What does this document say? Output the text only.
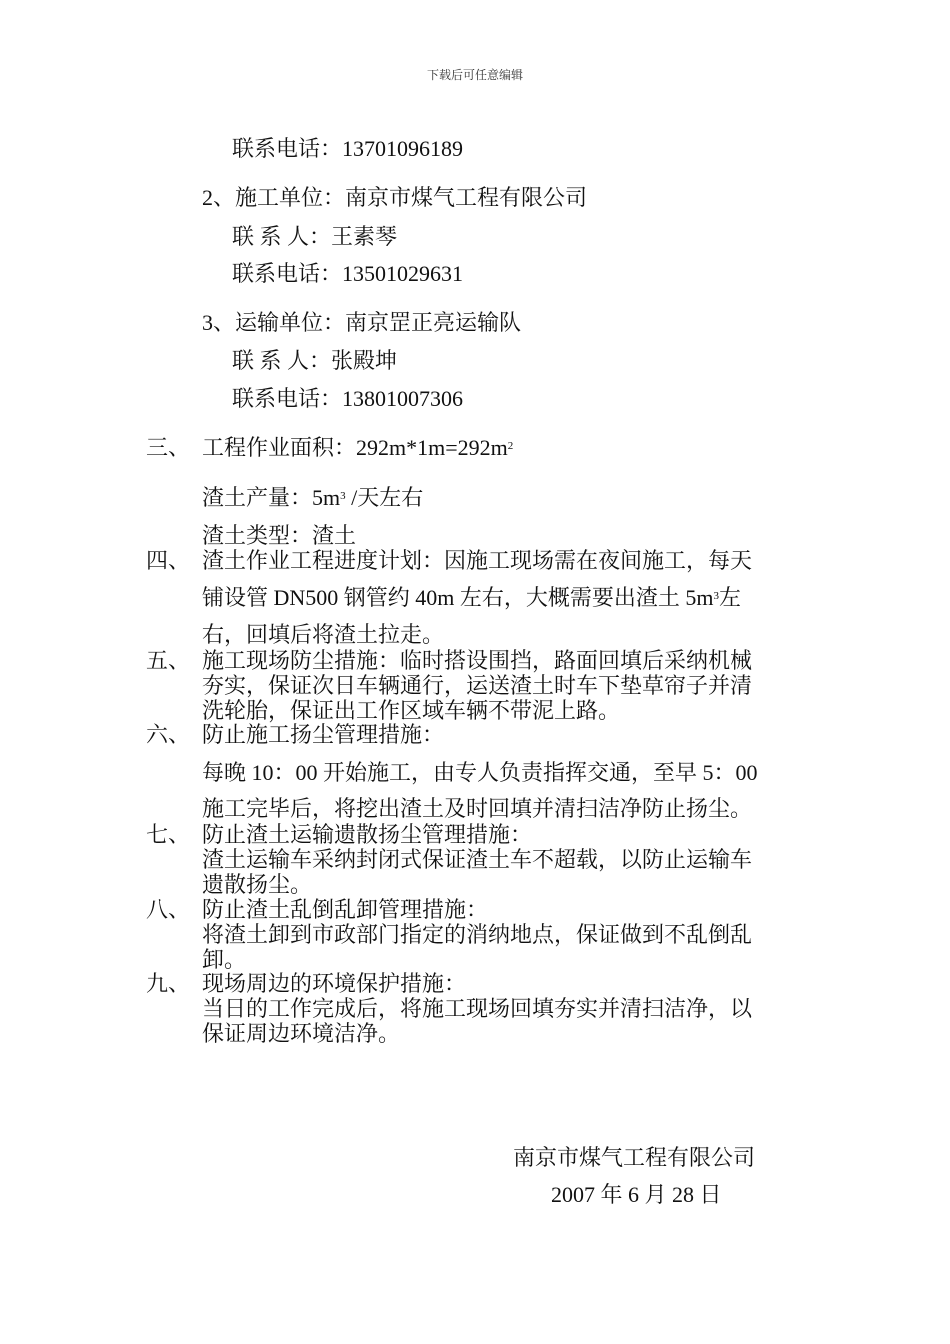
下载后可任意编辑
联系电话：13701096189
2、施工单位：南京市煤气工程有限公司
联 系 人：王素琴
联系电话：13501029631
3、运输单位：南京罡正亮运输队
联 系 人：张殿坤
联系电话：13801007306
三、 工程作业面积：$292m*1m=292m^2$
渣土产量：$5m^3$ /天左右
渣土类型：渣土
四、 渣土作业工程进度计划：因施工现场需在夜间施工，每天
铺设管 DN500 钢管约 40m 左右，大概需要出渣土 $5m^3$左
右，回填后将渣土拉走。
五、 施工现场防尘措施：临时搭设围挡，路面回填后采纳机械
夯实，保证次日车辆通行，运送渣土时车下垫草帘子并清
洗轮胎，保证出工作区域车辆不带泥上路。
六、 防止施工扬尘管理措施：
每晚 10：00 开始施工，由专人负责指挥交通，至早 5：00
施工完毕后，将挖出渣土及时回填并清扫洁净防止扬尘。
七、 防止渣土运输遗散扬尘管理措施：
渣土运输车采纳封闭式保证渣土车不超载，以防止运输车
遗散扬尘。
八、 防止渣土乱倒乱卸管理措施：
将渣土卸到市政部门指定的消纳地点，保证做到不乱倒乱
卸。
九、 现场周边的环境保护措施：
当日的工作完成后，将施工现场回填夯实并清扫洁净，以
保证周边环境洁净。
南京市煤气工程有限公司
2007 年 6 月 28 日
